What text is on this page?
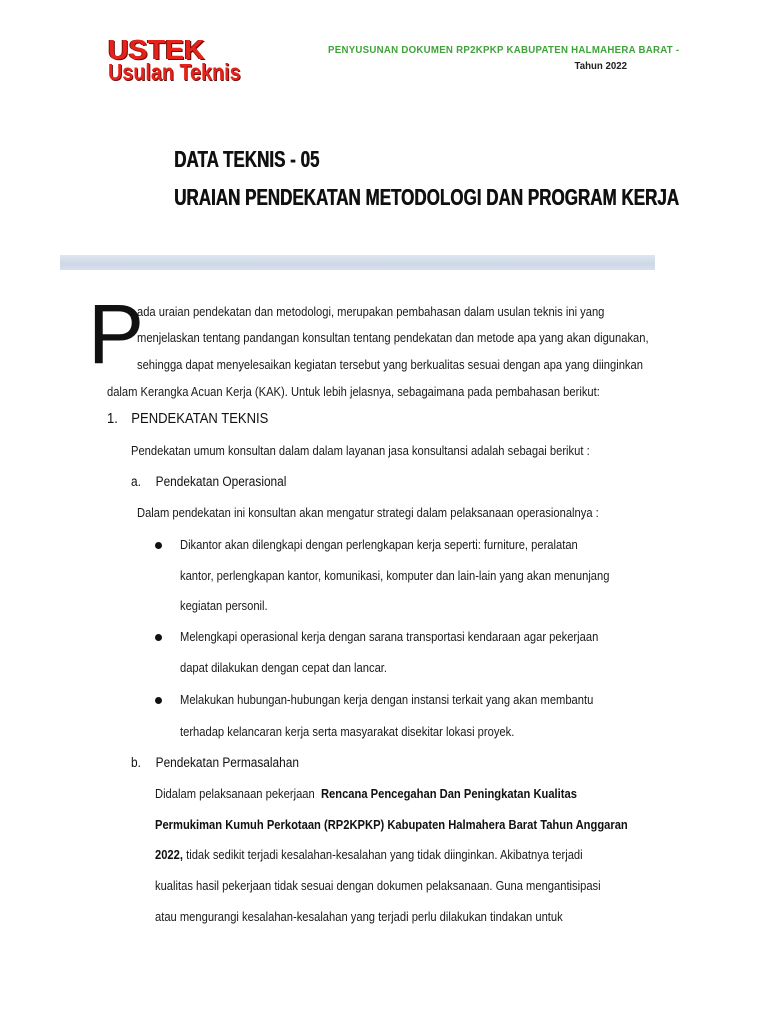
USTEK
Usulan Teknis
PENYUSUNAN DOKUMEN RP2KPKP KABUPATEN HALMAHERA BARAT -
Tahun 2022
DATA TEKNIS - 05
URAIAN PENDEKATAN METODOLOGI DAN PROGRAM KERJA
P
ada uraian pendekatan dan metodologi, merupakan pembahasan dalam usulan teknis ini yang
menjelaskan tentang pandangan konsultan tentang pendekatan dan metode apa yang akan digunakan,
sehingga dapat menyelesaikan kegiatan tersebut yang berkualitas sesuai dengan apa yang diinginkan
dalam Kerangka Acuan Kerja (KAK). Untuk lebih jelasnya, sebagaimana pada pembahasan berikut:
1. PENDEKATAN TEKNIS
Pendekatan umum konsultan dalam dalam layanan jasa konsultansi adalah sebagai berikut :
a. Pendekatan Operasional
Dalam pendekatan ini konsultan akan mengatur strategi dalam pelaksanaan operasionalnya :
Dikantor akan dilengkapi dengan perlengkapan kerja seperti: furniture, peralatan
kantor, perlengkapan kantor, komunikasi, komputer dan lain-lain yang akan menunjang
kegiatan personil.
Melengkapi operasional kerja dengan sarana transportasi kendaraan agar pekerjaan
dapat dilakukan dengan cepat dan lancar.
Melakukan hubungan-hubungan kerja dengan instansi terkait yang akan membantu
terhadap kelancaran kerja serta masyarakat disekitar lokasi proyek.
b. Pendekatan Permasalahan
Didalam pelaksanaan pekerjaan Rencana Pencegahan Dan Peningkatan Kualitas
Permukiman Kumuh Perkotaan (RP2KPKP) Kabupaten Halmahera Barat Tahun Anggaran
2022, tidak sedikit terjadi kesalahan-kesalahan yang tidak diinginkan. Akibatnya terjadi
kualitas hasil pekerjaan tidak sesuai dengan dokumen pelaksanaan. Guna mengantisipasi
atau mengurangi kesalahan-kesalahan yang terjadi perlu dilakukan tindakan untuk
